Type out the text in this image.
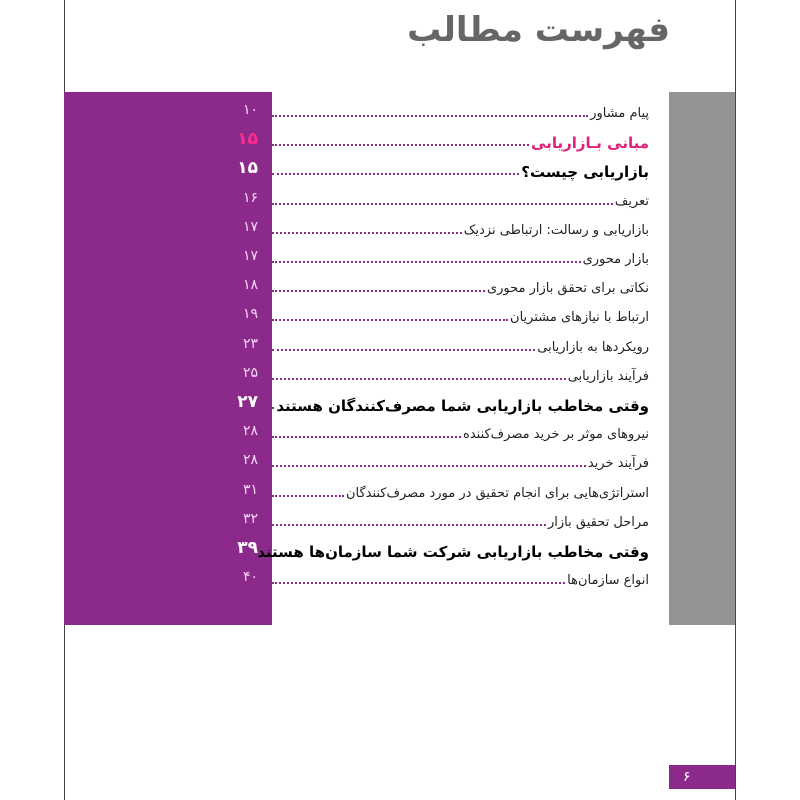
فهرست مطالب
۱۰	پیام مشاور
۱۵	مبانی بـازاریابی
۱۵	بازاریابی چیست؟
۱۶	تعریف
۱۷	بازاریابی و رسالت: ارتباطی نزدیک
۱۷	بازار محوری
۱۸	نکاتی برای تحقق بازار محوری
۱۹	ارتباط با نیازهای مشتریان
۲۳	رویکردها به بازاریابی
۲۵	فرآیند بازاریابی
۲۷	وقتی مخاطب بازاریابی شما مصرف‌کنندگان هستند
۲۸	نیروهای موثر بر خرید مصرف‌کننده
۲۸	فرآیند خرید
۳۱	استراتژی‌هایی برای انجام تحقیق در مورد مصرف‌کنندگان
۳۲	مراحل تحقیق بازار
۳۹ وقتی مخاطب بازاریابی شرکت شما سازمان‌ها هستند
۴۰	انواع سازمان‌ها
۶
